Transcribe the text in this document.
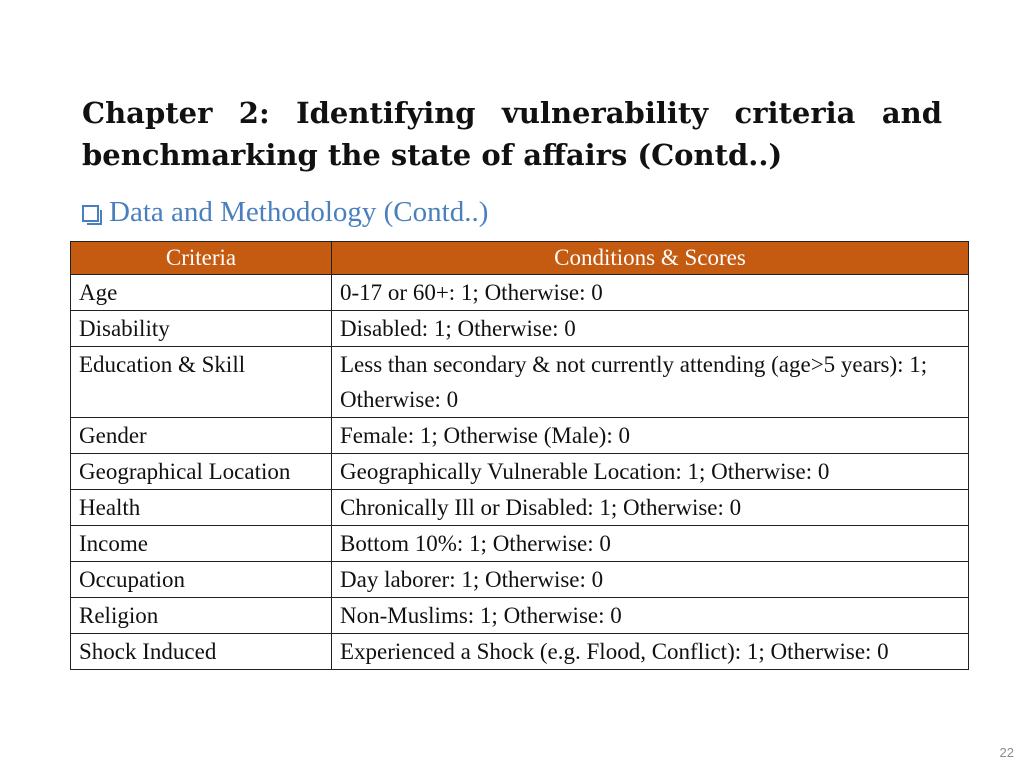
Chapter 2: Identifying vulnerability criteria and benchmarking the state of affairs (Contd..)
Data and Methodology (Contd..)
Criteria	Conditions & Scores
Age	0-17 or 60+: 1; Otherwise: 0
Disability	Disabled: 1; Otherwise: 0
Education & Skill	Less than secondary & not currently attending (age>5 years): 1; Otherwise: 0
Gender	Female: 1; Otherwise (Male): 0
Geographical Location	Geographically Vulnerable Location: 1; Otherwise: 0
Health	Chronically Ill or Disabled: 1; Otherwise: 0
Income	Bottom 10%: 1; Otherwise: 0
Occupation	Day laborer: 1; Otherwise: 0
Religion	Non-Muslims: 1; Otherwise: 0
Shock Induced	Experienced a Shock (e.g. Flood, Conflict): 1; Otherwise: 0
22
